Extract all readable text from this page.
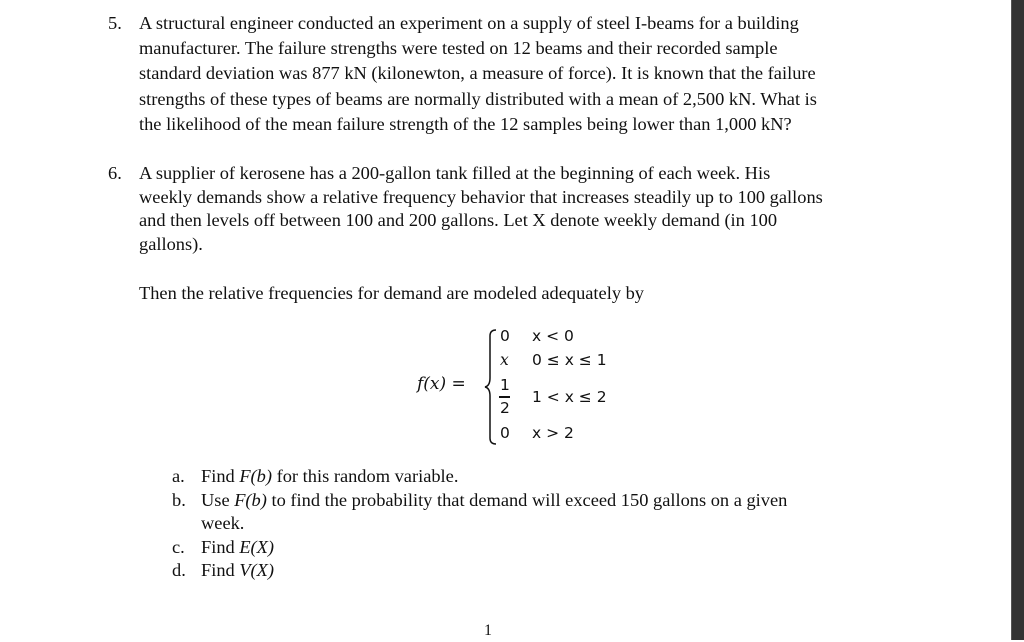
5. A structural engineer conducted an experiment on a supply of steel I-beams for a building
manufacturer. The failure strengths were tested on 12 beams and their recorded sample
standard deviation was 877 kN (kilonewton, a measure of force). It is known that the failure
strengths of these types of beams are normally distributed with a mean of 2,500 kN. What is
the likelihood of the mean failure strength of the 12 samples being lower than 1,000 kN?
6. A supplier of kerosene has a 200-gallon tank filled at the beginning of each week. His
weekly demands show a relative frequency behavior that increases steadily up to 100 gallons
and then levels off between 100 and 200 gallons. Let X denote weekly demand (in 100
gallons).
Then the relative frequencies for demand are modeled adequately by
f(x) =
0
x
1
2
0
x < 0
0 ≤ x ≤ 1
1 < x ≤ 2
x > 2
a. Find F(b) for this random variable.
b. Use F(b) to find the probability that demand will exceed 150 gallons on a given
week.
c. Find E(X)
d. Find V(X)
1
